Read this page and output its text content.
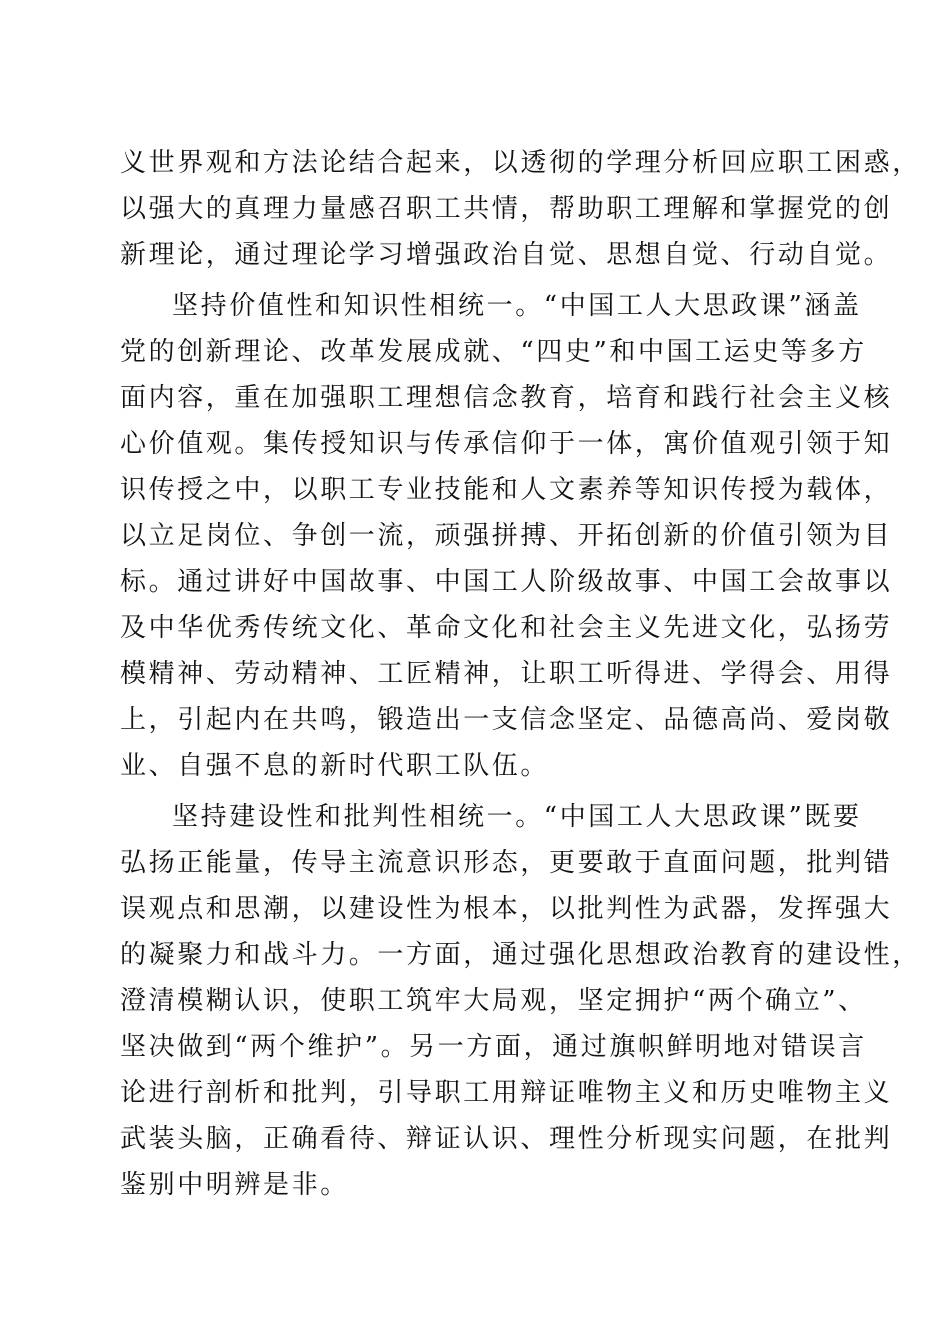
义世界观和方法论结合起来，以透彻的学理分析回应职工困惑，
以强大的真理力量感召职工共情，帮助职工理解和掌握党的创
新理论，通过理论学习增强政治自觉、思想自觉、行动自觉。
坚持价值性和知识性相统一。“中国工人大思政课”涵盖
党的创新理论、改革发展成就、“四史”和中国工运史等多方
面内容，重在加强职工理想信念教育，培育和践行社会主义核
心价值观。集传授知识与传承信仰于一体，寓价值观引领于知
识传授之中，以职工专业技能和人文素养等知识传授为载体，
以立足岗位、争创一流，顽强拼搏、开拓创新的价值引领为目
标。通过讲好中国故事、中国工人阶级故事、中国工会故事以
及中华优秀传统文化、革命文化和社会主义先进文化，弘扬劳
模精神、劳动精神、工匠精神，让职工听得进、学得会、用得
上，引起内在共鸣，锻造出一支信念坚定、品德高尚、爱岗敬
业、自强不息的新时代职工队伍。
坚持建设性和批判性相统一。“中国工人大思政课”既要
弘扬正能量，传导主流意识形态，更要敢于直面问题，批判错
误观点和思潮，以建设性为根本，以批判性为武器，发挥强大
的凝聚力和战斗力。一方面，通过强化思想政治教育的建设性，
澄清模糊认识，使职工筑牢大局观，坚定拥护“两个确立”、
坚决做到“两个维护”。另一方面，通过旗帜鲜明地对错误言
论进行剖析和批判，引导职工用辩证唯物主义和历史唯物主义
武装头脑，正确看待、辩证认识、理性分析现实问题，在批判
鉴别中明辨是非。
